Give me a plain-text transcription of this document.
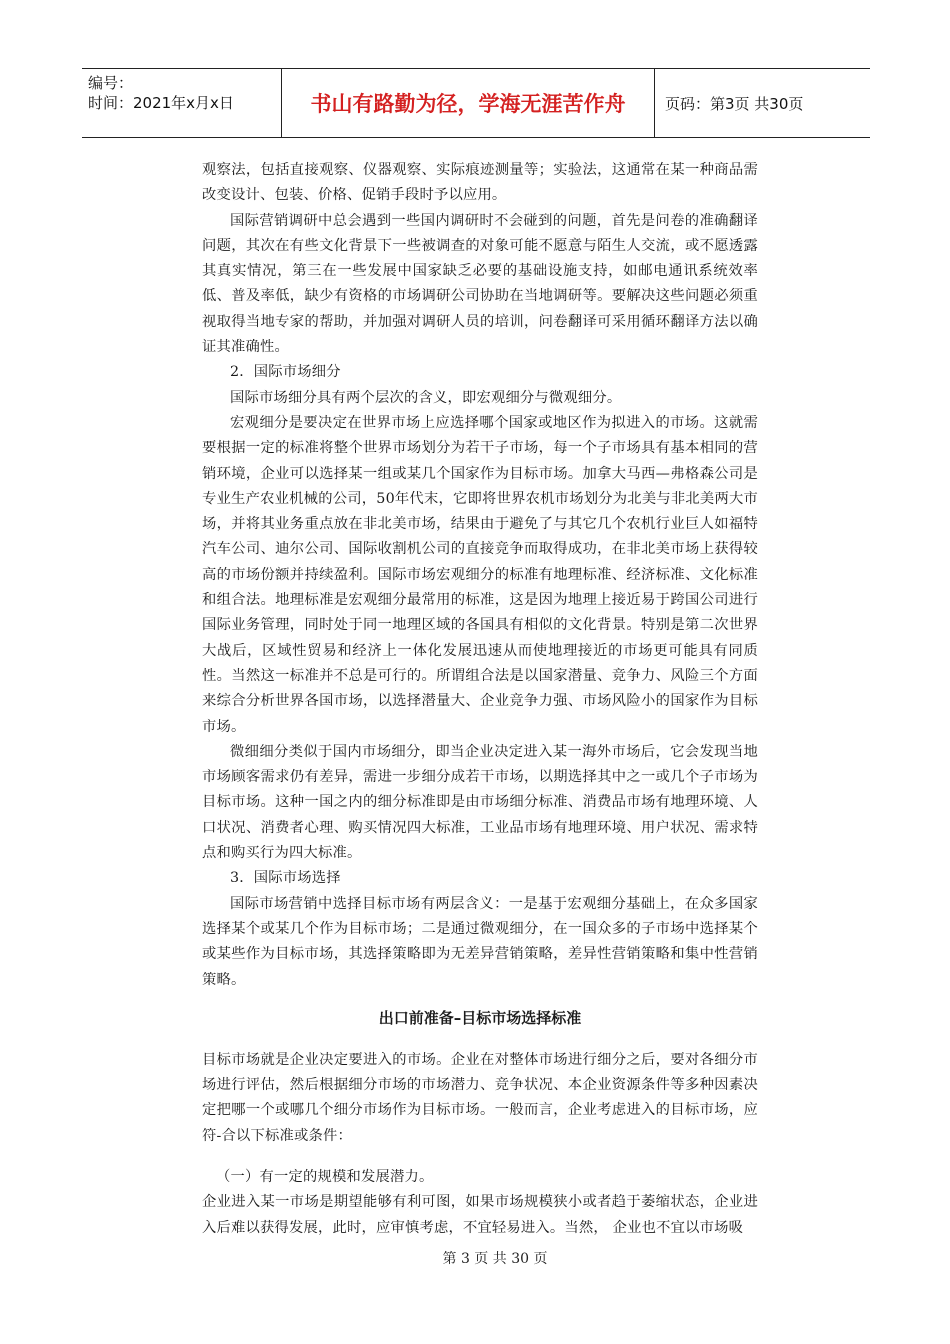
编号：
时间：2021年x月x日	书山有路勤为径，学海无涯苦作舟	页码：第3页 共30页

观察法，包括直接观察、仪器观察、实际痕迹测量等；实验法，这通常在某一种商品需改变设计、包装、价格、促销手段时予以应用。

国际营销调研中总会遇到一些国内调研时不会碰到的问题，首先是问卷的准确翻译问题，其次在有些文化背景下一些被调查的对象可能不愿意与陌生人交流，或不愿透露其真实情况，第三在一些发展中国家缺乏必要的基础设施支持，如邮电通讯系统效率低、普及率低，缺少有资格的市场调研公司协助在当地调研等。要解决这些问题必须重视取得当地专家的帮助，并加强对调研人员的培训，问卷翻译可采用循环翻译方法以确证其准确性。

2．国际市场细分

国际市场细分具有两个层次的含义，即宏观细分与微观细分。

宏观细分是要决定在世界市场上应选择哪个国家或地区作为拟进入的市场。这就需要根据一定的标准将整个世界市场划分为若干子市场，每一个子市场具有基本相同的营销环境，企业可以选择某一组或某几个国家作为目标市场。加拿大马西—弗格森公司是专业生产农业机械的公司，50年代末，它即将世界农机市场划分为北美与非北美两大市场，并将其业务重点放在非北美市场，结果由于避免了与其它几个农机行业巨人如福特汽车公司、迪尔公司、国际收割机公司的直接竞争而取得成功，在非北美市场上获得较高的市场份额并持续盈利。国际市场宏观细分的标准有地理标准、经济标准、文化标准和组合法。地理标准是宏观细分最常用的标准，这是因为地理上接近易于跨国公司进行国际业务管理，同时处于同一地理区域的各国具有相似的文化背景。特别是第二次世界大战后，区域性贸易和经济上一体化发展迅速从而使地理接近的市场更可能具有同质性。当然这一标准并不总是可行的。所谓组合法是以国家潜量、竞争力、风险三个方面来综合分析世界各国市场，以选择潜量大、企业竞争力强、市场风险小的国家作为目标市场。

微细细分类似于国内市场细分，即当企业决定进入某一海外市场后，它会发现当地市场顾客需求仍有差异，需进一步细分成若干市场，以期选择其中之一或几个子市场为目标市场。这种一国之内的细分标准即是由市场细分标准、消费品市场有地理环境、人口状况、消费者心理、购买情况四大标准，工业品市场有地理环境、用户状况、需求特点和购买行为四大标准。

3．国际市场选择

国际市场营销中选择目标市场有两层含义：一是基于宏观细分基础上，在众多国家选择某个或某几个作为目标市场；二是通过微观细分，在一国众多的子市场中选择某个或某些作为目标市场，其选择策略即为无差异营销策略，差异性营销策略和集中性营销策略。

出口前准备–目标市场选择标准

目标市场就是企业决定要进入的市场。企业在对整体市场进行细分之后，要对各细分市场进行评估，然后根据细分市场的市场潜力、竞争状况、本企业资源条件等多种因素决定把哪一个或哪几个细分市场作为目标市场。一般而言，企业考虑进入的目标市场，应符-合以下标准或条件：

（一）有一定的规模和发展潜力。

企业进入某一市场是期望能够有利可图，如果市场规模狭小或者趋于萎缩状态，企业进入后难以获得发展，此时，应审慎考虑，不宜轻易进入。当然， 企业也不宜以市场吸

第 3 页 共 30 页
